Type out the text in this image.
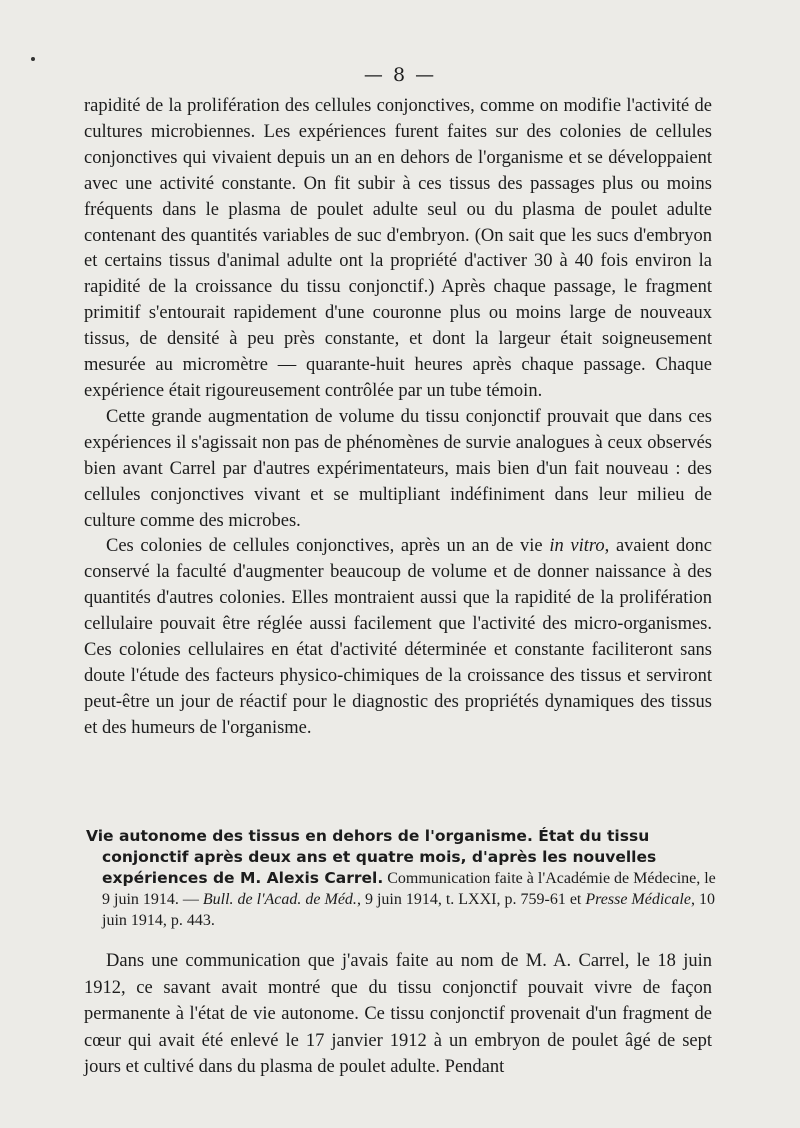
— 8 —

rapidité de la prolifération des cellules conjonctives, comme on modifie l'activité de cultures microbiennes. Les expériences furent faites sur des colonies de cellules conjonctives qui vivaient depuis un an en dehors de l'organisme et se développaient avec une activité constante. On fit subir à ces tissus des passages plus ou moins fréquents dans le plasma de poulet adulte seul ou du plasma de poulet adulte contenant des quantités variables de suc d'embryon. (On sait que les sucs d'embryon et certains tissus d'animal adulte ont la propriété d'activer 30 à 40 fois environ la rapidité de la croissance du tissu conjonctif.) Après chaque passage, le fragment primitif s'entourait rapidement d'une couronne plus ou moins large de nouveaux tissus, de densité à peu près constante, et dont la largeur était soigneusement mesurée au micromètre — quarante-huit heures après chaque passage. Chaque expérience était rigoureusement contrôlée par un tube témoin.

Cette grande augmentation de volume du tissu conjonctif prouvait que dans ces expériences il s'agissait non pas de phénomènes de survie analogues à ceux observés bien avant Carrel par d'autres expérimentateurs, mais bien d'un fait nouveau : des cellules conjonctives vivant et se multipliant indéfiniment dans leur milieu de culture comme des microbes.

Ces colonies de cellules conjonctives, après un an de vie in vitro, avaient donc conservé la faculté d'augmenter beaucoup de volume et de donner naissance à des quantités d'autres colonies. Elles montraient aussi que la rapidité de la prolifération cellulaire pouvait être réglée aussi facilement que l'activité des micro-organismes. Ces colonies cellulaires en état d'activité déterminée et constante faciliteront sans doute l'étude des facteurs physico-chimiques de la croissance des tissus et serviront peut-être un jour de réactif pour le diagnostic des propriétés dynamiques des tissus et des humeurs de l'organisme.

Vie autonome des tissus en dehors de l'organisme. État du tissu
conjonctif après deux ans et quatre mois, d'après les nouvelles
expériences de M. Alexis Carrel. Communication faite à l'Académie de Médecine, le 9 juin 1914. — Bull. de l'Acad. de Méd., 9 juin 1914, t. LXXI, p. 759-61 et Presse Médicale, 10 juin 1914, p. 443.

Dans une communication que j'avais faite au nom de M. A. Carrel, le 18 juin 1912, ce savant avait montré que du tissu conjonctif pouvait vivre de façon permanente à l'état de vie autonome. Ce tissu conjonctif provenait d'un fragment de cœur qui avait été enlevé le 17 janvier 1912 à un embryon de poulet âgé de sept jours et cultivé dans du plasma de poulet adulte. Pendant
